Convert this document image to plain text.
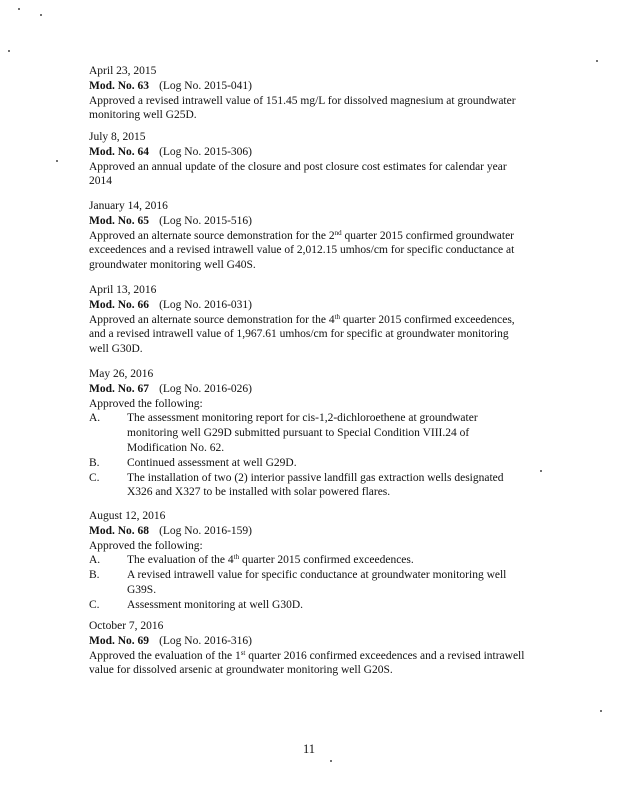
April 23, 2015
Mod. No. 63 (Log No. 2015-041)
Approved a revised intrawell value of 151.45 mg/L for dissolved magnesium at groundwater monitoring well G25D.
July 8, 2015
Mod. No. 64 (Log No. 2015-306)
Approved an annual update of the closure and post closure cost estimates for calendar year 2014
January 14, 2016
Mod. No. 65 (Log No. 2015-516)
Approved an alternate source demonstration for the 2nd quarter 2015 confirmed groundwater exceedences and a revised intrawell value of 2,012.15 umhos/cm for specific conductance at groundwater monitoring well G40S.
April 13, 2016
Mod. No. 66 (Log No. 2016-031)
Approved an alternate source demonstration for the 4th quarter 2015 confirmed exceedences, and a revised intrawell value of 1,967.61 umhos/cm for specific at groundwater monitoring well G30D.
May 26, 2016
Mod. No. 67 (Log No. 2016-026)
Approved the following:
A. The assessment monitoring report for cis-1,2-dichloroethene at groundwater monitoring well G29D submitted pursuant to Special Condition VIII.24 of Modification No. 62.
B. Continued assessment at well G29D.
C. The installation of two (2) interior passive landfill gas extraction wells designated X326 and X327 to be installed with solar powered flares.
August 12, 2016
Mod. No. 68 (Log No. 2016-159)
Approved the following:
A. The evaluation of the 4th quarter 2015 confirmed exceedences.
B. A revised intrawell value for specific conductance at groundwater monitoring well G39S.
C. Assessment monitoring at well G30D.
October 7, 2016
Mod. No. 69 (Log No. 2016-316)
Approved the evaluation of the 1st quarter 2016 confirmed exceedences and a revised intrawell value for dissolved arsenic at groundwater monitoring well G20S.
11
